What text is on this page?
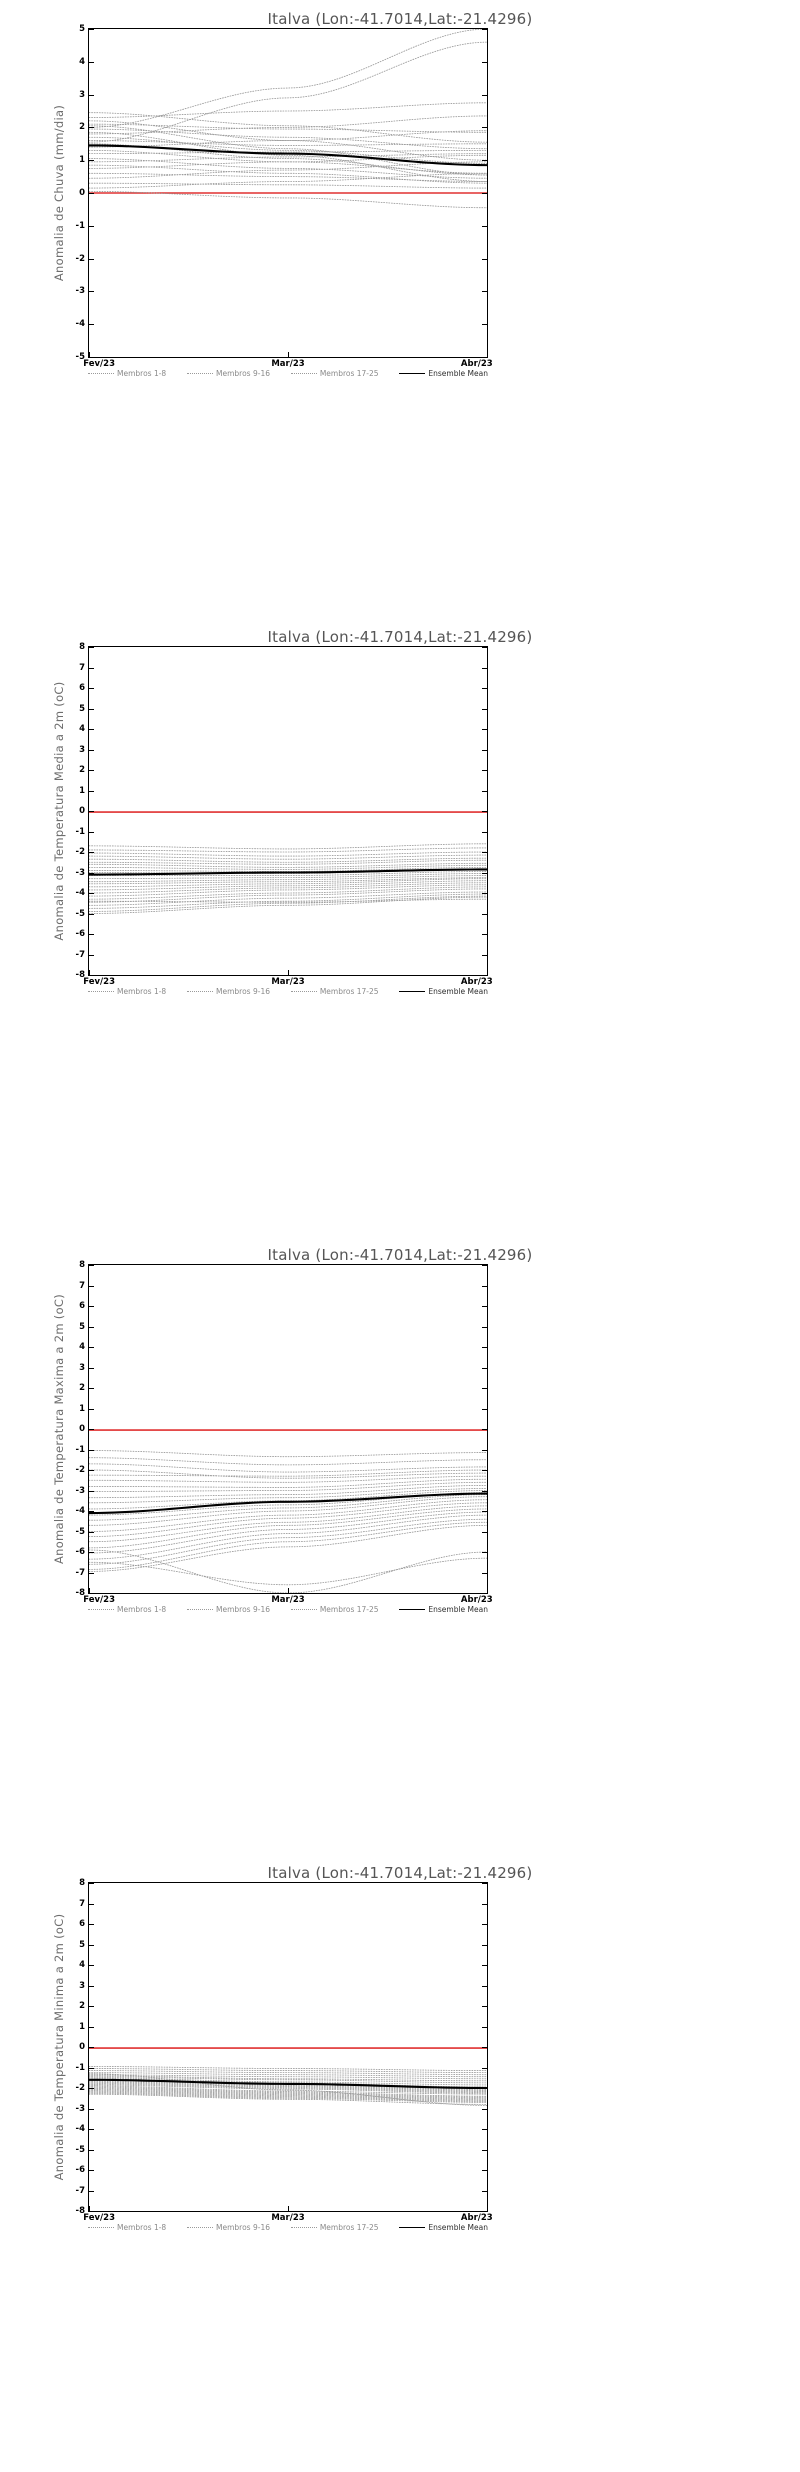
Italva (Lon:-41.7014,Lat:-21.4296)
Anomalia de Chuva (mm/dia)
-5
-4
-3
-2
-1
0
1
2
3
4
5
Fev/23	Mar/23	Abr/23
Membros 1-8	Membros 9-16	Membros 17-25	Ensemble Mean
Italva (Lon:-41.7014,Lat:-21.4296)
Anomalia de Temperatura Media a 2m (oC)
-8
-7
-6
-5
-4
-3
-2
-1
0
1
2
3
4
5
6
7
8
Fev/23	Mar/23	Abr/23
Membros 1-8	Membros 9-16	Membros 17-25	Ensemble Mean
Italva (Lon:-41.7014,Lat:-21.4296)
Anomalia de Temperatura Maxima a 2m (oC)
-8
-7
-6
-5
-4
-3
-2
-1
0
1
2
3
4
5
6
7
8
Fev/23	Mar/23	Abr/23
Membros 1-8	Membros 9-16	Membros 17-25	Ensemble Mean
Italva (Lon:-41.7014,Lat:-21.4296)
Anomalia de Temperatura Minima a 2m (oC)
-8
-7
-6
-5
-4
-3
-2
-1
0
1
2
3
4
5
6
7
8
Fev/23	Mar/23	Abr/23
Membros 1-8	Membros 9-16	Membros 17-25	Ensemble Mean
